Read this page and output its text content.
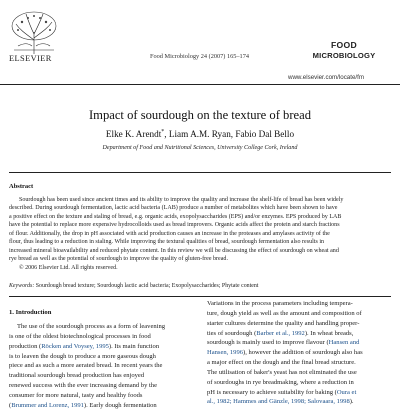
ELSEVIER	Food Microbiology 24 (2007) 165–174
FOOD
MICROBIOLOGY
www.elsevier.com/locate/fm
Impact of sourdough on the texture of bread
Elke K. Arendt*, Liam A.M. Ryan, Fabio Dal Bello
Department of Food and Nutritional Sciences, University College Cork, Ireland
Abstract
Sourdough has been used since ancient times and its ability to improve the quality and increase the shelf-life of bread has been widely
described. During sourdough fermentation, lactic acid bacteria (LAB) produce a number of metabolites which have been shown to have
a positive effect on the texture and staling of bread, e.g. organic acids, exopolysaccharides (EPS) and/or enzymes. EPS produced by LAB
have the potential to replace more expensive hydrocolloids used as bread improvers. Organic acids affect the protein and starch fractions
of flour. Additionally, the drop in pH associated with acid production causes an increase in the proteases and amylases activity of the
flour, thus leading to a reduction in staling. While improving the textural qualities of bread, sourdough fermentation also results in
increased mineral bioavailability and reduced phytate content. In this review we will be discussing the effect of sourdough on wheat and
rye bread as well as the potential of sourdough to improve the quality of gluten-free bread.
© 2006 Elsevier Ltd. All rights reserved.
Keywords: Sourdough bread texture; Sourdough lactic acid bacteria; Exopolysaccharides; Phytate content
1. Introduction
The use of the sourdough process as a form of leavening
is one of the oldest biotechnological processes in food
production (Röcken and Voysey, 1995). Its main function
is to leaven the dough to produce a more gaseous dough
piece and as such a more aerated bread. In recent years the
traditional sourdough bread production has enjoyed
renewed success with the ever increasing demand by the
consumer for more natural, tasty and healthy foods
(Brummer and Lorenz, 1991). Early dough fermentation
Variations in the process parameters including tempera-
ture, dough yield as well as the amount and composition of
starter cultures determine the quality and handling proper-
ties of sourdough (Barber et al., 1992). In wheat breads,
sourdough is mainly used to improve flavour (Hansen and
Hansen, 1996), however the addition of sourdough also has
a major effect on the dough and the final bread structure.
The utilisation of baker's yeast has not eliminated the use
of sourdoughs in rye breadmaking, where a reduction in
pH is necessary to achieve suitability for baking (Oura et
al., 1982; Hammes and Gänzle, 1998; Salovaara, 1998).
